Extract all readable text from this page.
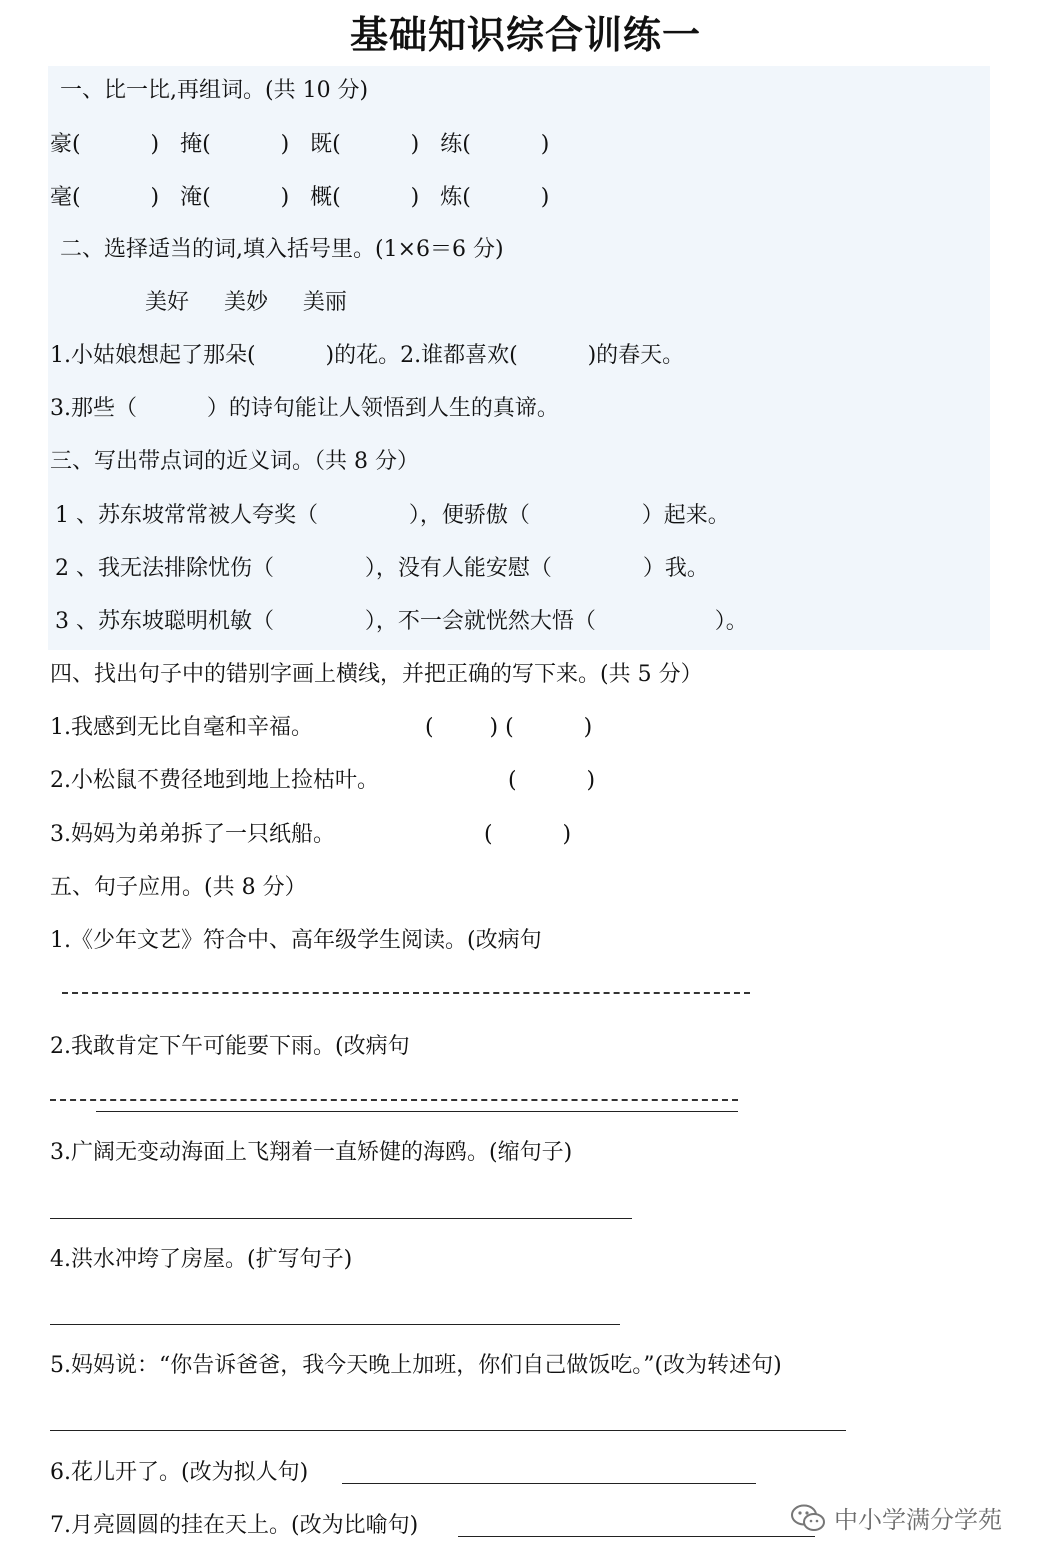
基础知识综合训练一
一、比一比,再组词。(共 10 分)
豪(          )   掩(          )   既(          )   练(          )
毫(          )   淹(          )   概(          )   炼(          )
二、选择适当的词,填入括号里。(1×6＝6 分)
美好     美妙     美丽
1.小姑娘想起了那朵(          )的花。2.谁都喜欢(          )的春天。
3.那些（          ）的诗句能让人领悟到人生的真谛。
三、写出带点词的近义词。（共 8 分）
1 、苏东坡常常被人夸奖（             ），便骄傲（                ）起来。
2 、我无法排除忧伤（             ），没有人能安慰（             ）我。
3 、苏东坡聪明机敏（             ），不一会就恍然大悟（                 ）。
四、找出句子中的错别字画上横线，并把正确的写下来。(共 5 分）
1.我感到无比自毫和辛福。	(        ) (          )
2.小松鼠不费径地到地上捡枯叶。	(          )
3.妈妈为弟弟拆了一只纸船。	(          )
五、句子应用。(共 8 分）
1.《少年文艺》符合中、高年级学生阅读。(改病句
2.我敢肯定下午可能要下雨。(改病句
3.广阔无变动海面上飞翔着一直矫健的海鸥。(缩句子)
4.洪水冲垮了房屋。(扩写句子)
5.妈妈说：“你告诉爸爸，我今天晚上加班，你们自己做饭吃。”(改为转述句)
6.花儿开了。(改为拟人句)
7.月亮圆圆的挂在天上。(改为比喻句)	中小学满分学苑
